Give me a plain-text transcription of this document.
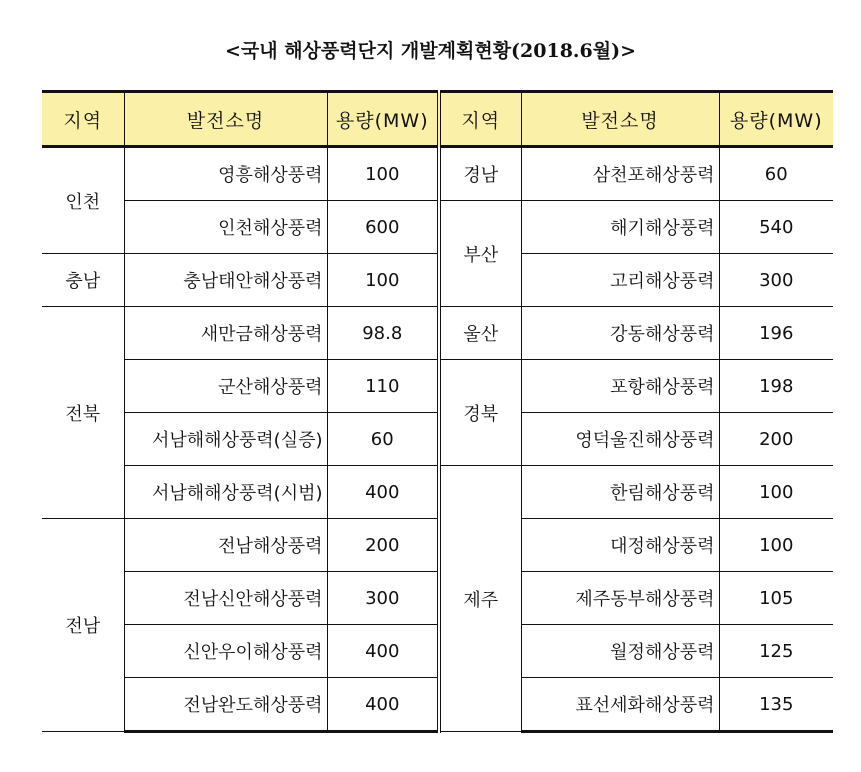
<국내 해상풍력단지 개발계획현황(2018.6월)>
지역	발전소명	용량(MW)	지역	발전소명	용량(MW)
인천	영흥해상풍력	100	경남	삼천포해상풍력	60
	인천해상풍력	600	부산	해기해상풍력	540
충남	충남태안해상풍력	100		고리해상풍력	300
전북	새만금해상풍력	98.8	울산	강동해상풍력	196
	군산해상풍력	110	경북	포항해상풍력	198
	서남해해상풍력(실증)	60		영덕울진해상풍력	200
	서남해해상풍력(시범)	400	제주	한림해상풍력	100
전남	전남해상풍력	200		대정해상풍력	100
	전남신안해상풍력	300		제주동부해상풍력	105
	신안우이해상풍력	400		월정해상풍력	125
	전남완도해상풍력	400		표선세화해상풍력	135
